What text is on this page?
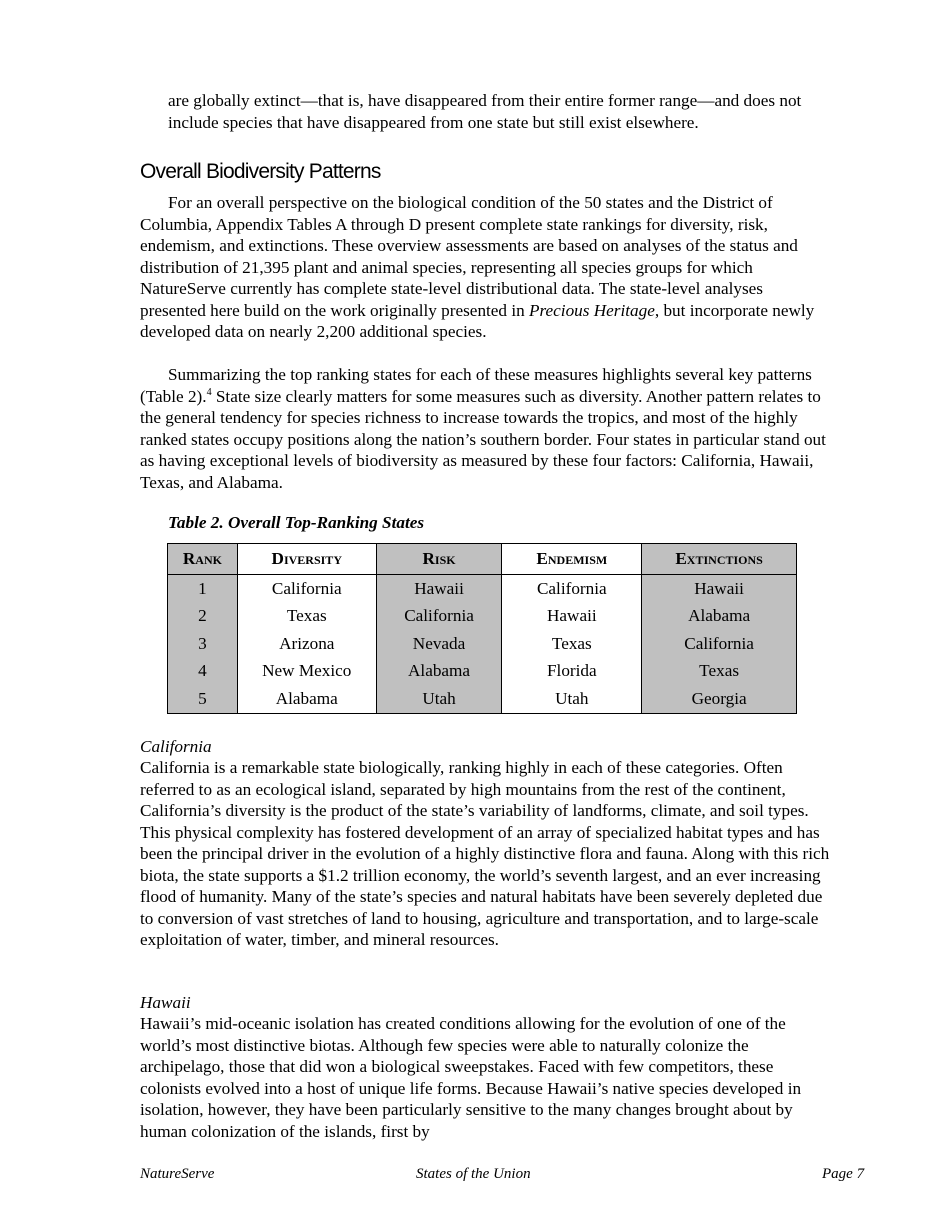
are globally extinct—that is, have disappeared from their entire former range—and does not include species that have disappeared from one state but still exist elsewhere.

Overall Biodiversity Patterns

For an overall perspective on the biological condition of the 50 states and the District of Columbia, Appendix Tables A through D present complete state rankings for diversity, risk, endemism, and extinctions. These overview assessments are based on analyses of the status and distribution of 21,395 plant and animal species, representing all species groups for which NatureServe currently has complete state-level distributional data. The state-level analyses presented here build on the work originally presented in Precious Heritage, but incorporate newly developed data on nearly 2,200 additional species.

Summarizing the top ranking states for each of these measures highlights several key patterns (Table 2).$^4$ State size clearly matters for some measures such as diversity. Another pattern relates to the general tendency for species richness to increase towards the tropics, and most of the highly ranked states occupy positions along the nation’s southern border. Four states in particular stand out as having exceptional levels of biodiversity as measured by these four factors: California, Hawaii, Texas, and Alabama.

Table 2. Overall Top-Ranking States
Rank	Diversity	Risk	Endemism	Extinctions
1	California	Hawaii	California	Hawaii
2	Texas	California	Hawaii	Alabama
3	Arizona	Nevada	Texas	California
4	New Mexico	Alabama	Florida	Texas
5	Alabama	Utah	Utah	Georgia
California

California is a remarkable state biologically, ranking highly in each of these categories. Often referred to as an ecological island, separated by high mountains from the rest of the continent, California’s diversity is the product of the state’s variability of landforms, climate, and soil types. This physical complexity has fostered development of an array of specialized habitat types and has been the principal driver in the evolution of a highly distinctive flora and fauna. Along with this rich biota, the state supports a $1.2 trillion economy, the world’s seventh largest, and an ever increasing flood of humanity. Many of the state’s species and natural habitats have been severely depleted due to conversion of vast stretches of land to housing, agriculture and transportation, and to large-scale exploitation of water, timber, and mineral resources.

Hawaii

Hawaii’s mid-oceanic isolation has created conditions allowing for the evolution of one of the world’s most distinctive biotas. Although few species were able to naturally colonize the archipelago, those that did won a biological sweepstakes. Faced with few competitors, these colonists evolved into a host of unique life forms. Because Hawaii’s native species developed in isolation, however, they have been particularly sensitive to the many changes brought about by human colonization of the islands, first by

NatureServe	States of the Union	Page 7
